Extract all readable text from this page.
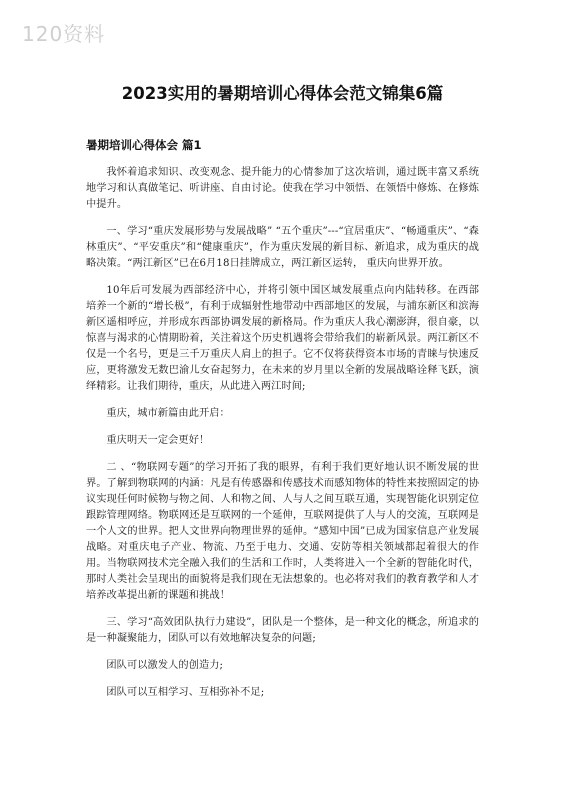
120资料
2023实用的暑期培训心得体会范文锦集6篇
暑期培训心得体会 篇1

我怀着追求知识、改变观念、提升能力的心情参加了这次培训，通过既丰富又系统地学习和认真做笔记、听讲座、自由讨论。使我在学习中领悟、在领悟中修炼、在修炼中提升。

一、学习“重庆发展形势与发展战略” “五个重庆”---“宜居重庆”、“畅通重庆”、“森林重庆”、“平安重庆”和“健康重庆”，作为重庆发展的新目标、新追求，成为重庆的战略决策。“两江新区”已在6月18日挂牌成立，两江新区运转， 重庆向世界开放。

10年后可发展为西部经济中心，并将引领中国区域发展重点向内陆转移。在西部培养一个新的“增长极”，有利于成辐射性地带动中西部地区的发展，与浦东新区和滨海新区遥相呼应，并形成东西部协调发展的新格局。作为重庆人我心潮澎湃，很自豪，以惊喜与渴求的心情期盼着，关注着这个历史机遇将会带给我们的崭新风景。两江新区不仅是一个名号，更是三千万重庆人肩上的担子。它不仅将获得资本市场的青睐与快速反应，更将激发无数巴渝儿女奋起努力，在未来的岁月里以全新的发展战略诠释飞跃，演绎精彩。让我们期待，重庆，从此进入两江时间;

重庆，城市新篇由此开启：

重庆明天一定会更好！

二 、“物联网专题”的学习开拓了我的眼界，有利于我们更好地认识不断发展的世界。了解到物联网的内涵：凡是有传感器和传感技术而感知物体的特性来按照固定的协议实现任何时候物与物之间、人和物之间、人与人之间互联互通，实现智能化识别定位跟踪管理网络。物联网还是互联网的一个延伸，互联网提供了人与人的交流，互联网是一个人文的世界。把人文世界向物理世界的延伸。“感知中国”已成为国家信息产业发展战略。对重庆电子产业、物流、乃至于电力、交通、安防等相关领域都起着很大的作用。当物联网技术完全融入我们的生活和工作时，人类将进入一个全新的智能化时代，那时人类社会呈现出的面貌将是我们现在无法想象的。也必将对我们的教育教学和人才培养改革提出新的课题和挑战！

三、学习“高效团队执行力建设”，团队是一个整体，是一种文化的概念，所追求的是一种凝聚能力，团队可以有效地解决复杂的问题;

团队可以激发人的创造力;

团队可以互相学习、互相弥补不足;
